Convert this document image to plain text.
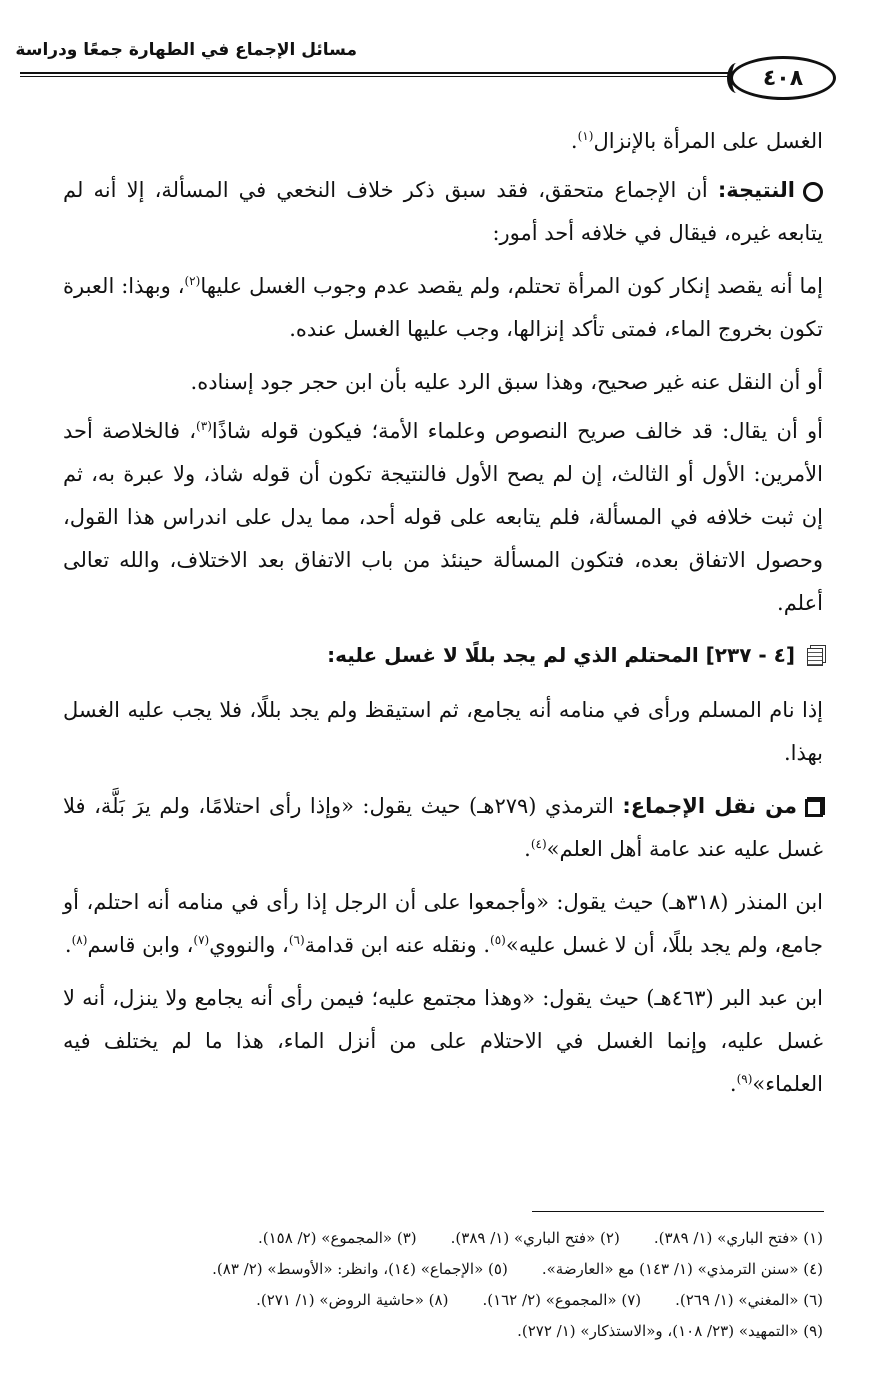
مسائل الإجماع في الطهارة جمعًا ودراسة
٤٠٨

الغسل على المرأة بالإنزال$^{(١)}$.

النتيجة: أن الإجماع متحقق، فقد سبق ذكر خلاف النخعي في المسألة، إلا أنه لم يتابعه غيره، فيقال في خلافه أحد أمور:

إما أنه يقصد إنكار كون المرأة تحتلم، ولم يقصد عدم وجوب الغسل عليها$^{(٢)}$، وبهذا: العبرة تكون بخروج الماء، فمتى تأكد إنزالها، وجب عليها الغسل عنده.

أو أن النقل عنه غير صحيح، وهذا سبق الرد عليه بأن ابن حجر جود إسناده.

أو أن يقال: قد خالف صريح النصوص وعلماء الأمة؛ فيكون قوله شاذًا$^{(٣)}$، فالخلاصة أحد الأمرين: الأول أو الثالث، إن لم يصح الأول فالنتيجة تكون أن قوله شاذ، ولا عبرة به، ثم إن ثبت خلافه في المسألة، فلم يتابعه على قوله أحد، مما يدل على اندراس هذا القول، وحصول الاتفاق بعده، فتكون المسألة حينئذ من باب الاتفاق بعد الاختلاف، والله تعالى أعلم.

[٤ - ٢٣٧] المحتلم الذي لم يجد بللًا لا غسل عليه:

إذا نام المسلم ورأى في منامه أنه يجامع، ثم استيقظ ولم يجد بللًا، فلا يجب عليه الغسل بهذا.

من نقل الإجماع: الترمذي (٢٧٩هـ) حيث يقول: «وإذا رأى احتلامًا، ولم يرَ بَلَّة، فلا غسل عليه عند عامة أهل العلم»$^{(٤)}$.

ابن المنذر (٣١٨هـ) حيث يقول: «وأجمعوا على أن الرجل إذا رأى في منامه أنه احتلم، أو جامع، ولم يجد بللًا، أن لا غسل عليه»$^{(٥)}$. ونقله عنه ابن قدامة$^{(٦)}$، والنووي$^{(٧)}$، وابن قاسم$^{(٨)}$.

ابن عبد البر (٤٦٣هـ) حيث يقول: «وهذا مجتمع عليه؛ فيمن رأى أنه يجامع ولا ينزل، أنه لا غسل عليه، وإنما الغسل في الاحتلام على من أنزل الماء، هذا ما لم يختلف فيه العلماء»$^{(٩)}$.

(١) «فتح الباري» (١/ ٣٨٩).
(٢) «فتح الباري» (١/ ٣٨٩).
(٣) «المجموع» (٢/ ١٥٨).
(٤) «سنن الترمذي» (١/ ١٤٣) مع «العارضة».
(٥) «الإجماع» (١٤)، وانظر: «الأوسط» (٢/ ٨٣).
(٦) «المغني» (١/ ٢٦٩).
(٧) «المجموع» (٢/ ١٦٢).
(٨) «حاشية الروض» (١/ ٢٧١).
(٩) «التمهيد» (٢٣/ ١٠٨)، و«الاستذكار» (١/ ٢٧٢).
